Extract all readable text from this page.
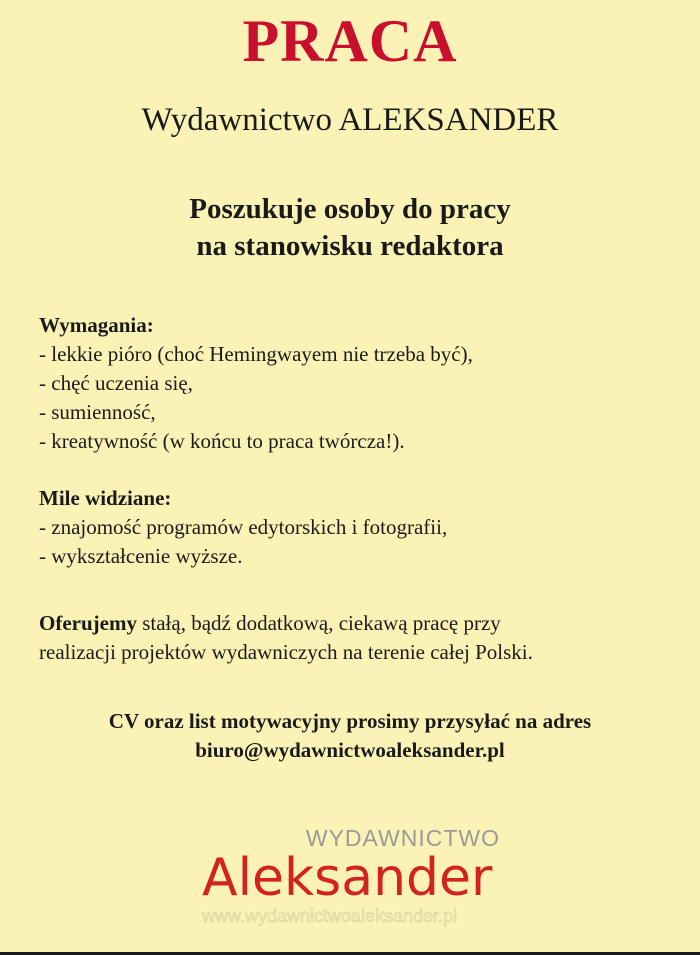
PRACA
Wydawnictwo ALEKSANDER
Poszukuje osoby do pracy
na stanowisku redaktora
Wymagania:
- lekkie pióro (choć Hemingwayem nie trzeba być),
- chęć uczenia się,
- sumienność,
- kreatywność (w końcu to praca twórcza!).
Mile widziane:
- znajomość programów edytorskich i fotografii,
- wykształcenie wyższe.
Oferujemy stałą, bądź dodatkową, ciekawą pracę przy
realizacji projektów wydawniczych na terenie całej Polski.
CV oraz list motywacyjny prosimy przysyłać na adres
biuro@wydawnictwoaleksander.pl
WYDAWNICTWO
Aleksander
www.wydawnictwoaleksander.pl
